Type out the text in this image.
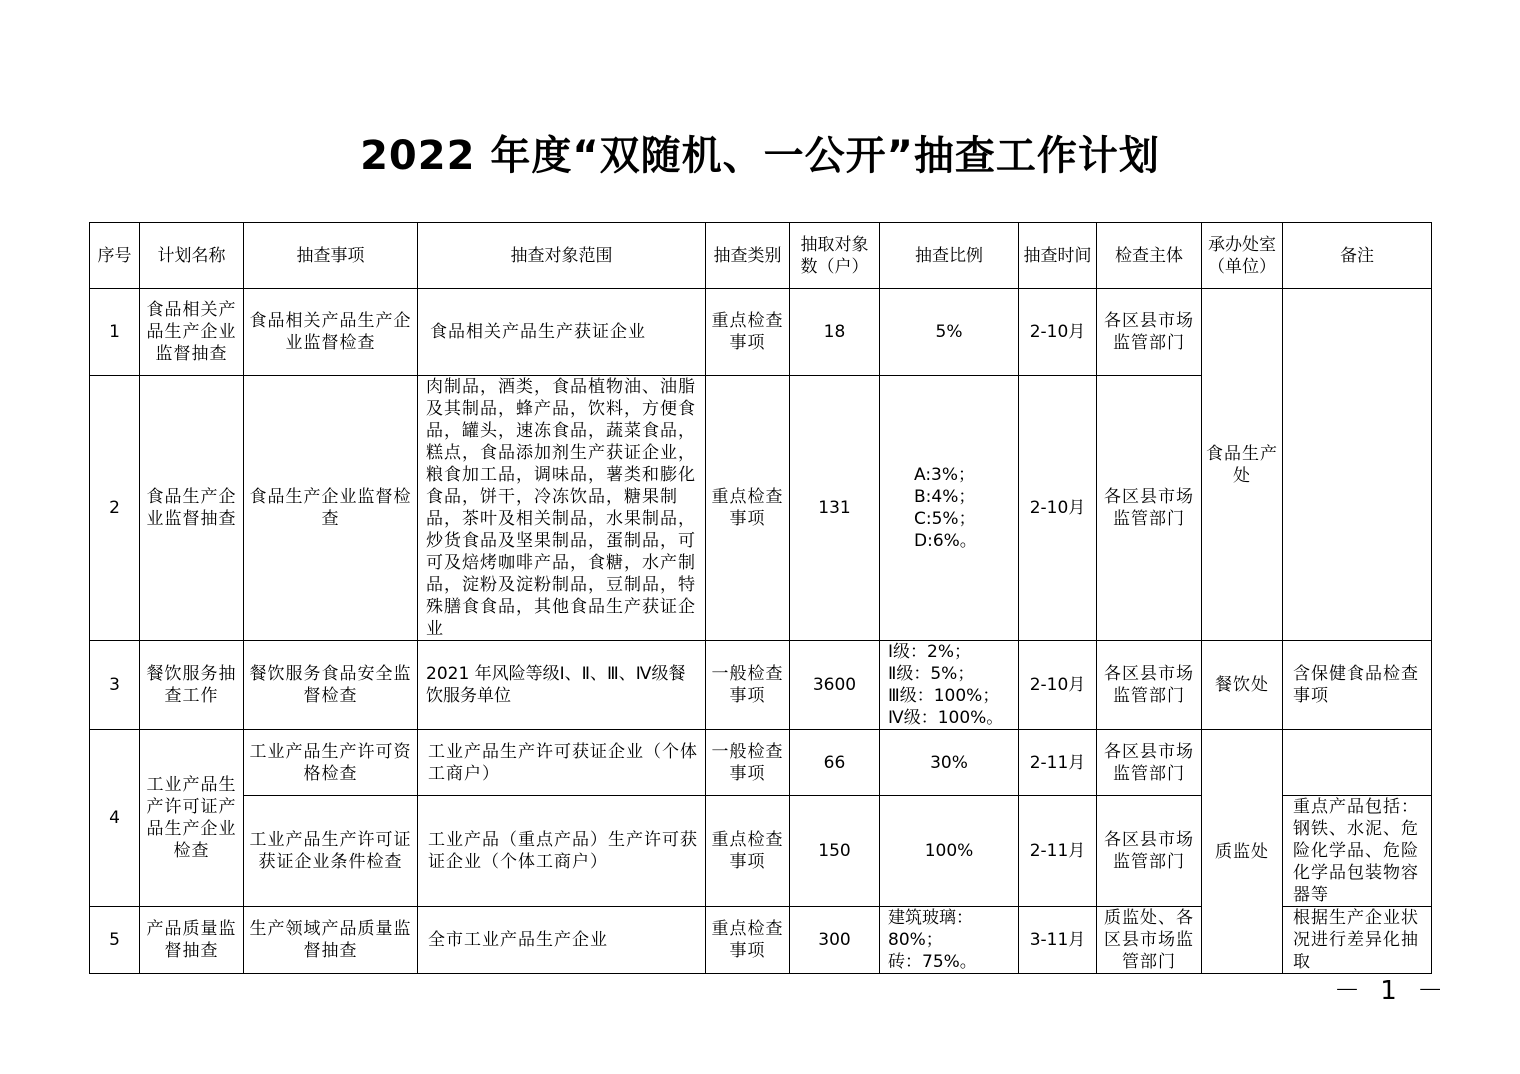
2022 年度“双随机、一公开”抽查工作计划
序号	计划名称	抽查事项	抽查对象范围	抽查类别	抽取对象数（户）	抽查比例	抽查时间	检查主体	承办处室（单位）	备注
1	食品相关产品生产企业监督抽查	食品相关产品生产企业监督检查	食品相关产品生产获证企业	重点检查事项	18	5%	2-10月	各区县市场监管部门	食品生产处	
2	食品生产企业监督抽查	食品生产企业监督检查	肉制品，酒类，食品植物油、油脂及其制品，蜂产品，饮料，方便食品，罐头，速冻食品，蔬菜食品，糕点，食品添加剂生产获证企业，粮食加工品，调味品，薯类和膨化食品，饼干，冷冻饮品，糖果制品，茶叶及相关制品，水果制品，炒货食品及坚果制品，蛋制品，可可及焙烤咖啡产品，食糖，水产制品，淀粉及淀粉制品，豆制品，特殊膳食食品，其他食品生产获证企业	重点检查事项	131	A:3%；
B:4%；
C:5%；
D:6%。	2-10月	各区县市场监管部门		
3	餐饮服务抽查工作	餐饮服务食品安全监督检查	2021 年风险等级Ⅰ、Ⅱ、Ⅲ、Ⅳ级餐饮服务单位	一般检查事项	3600	Ⅰ级：2%；
Ⅱ级：5%；
Ⅲ级：100%；
Ⅳ级：100%。	2-10月	各区县市场监管部门	餐饮处	含保健食品检查事项
4	工业产品生产许可证产品生产企业检查	工业产品生产许可资格检查	工业产品生产许可获证企业（个体工商户）	一般检查事项	66	30%	2-11月	各区县市场监管部门	质监处	
		工业产品生产许可证获证企业条件检查	工业产品（重点产品）生产许可获证企业（个体工商户）	重点检查事项	150	100%	2-11月	各区县市场监管部门		重点产品包括：钢铁、水泥、危险化学品、危险化学品包装物容器等
5	产品质量监督抽查	生产领域产品质量监督抽查	全市工业产品生产企业	重点检查事项	300	建筑玻璃：
80%；
砖：75%。	3-11月	质监处、各区县市场监管部门		根据生产企业状况进行差异化抽取
－ 1 －
